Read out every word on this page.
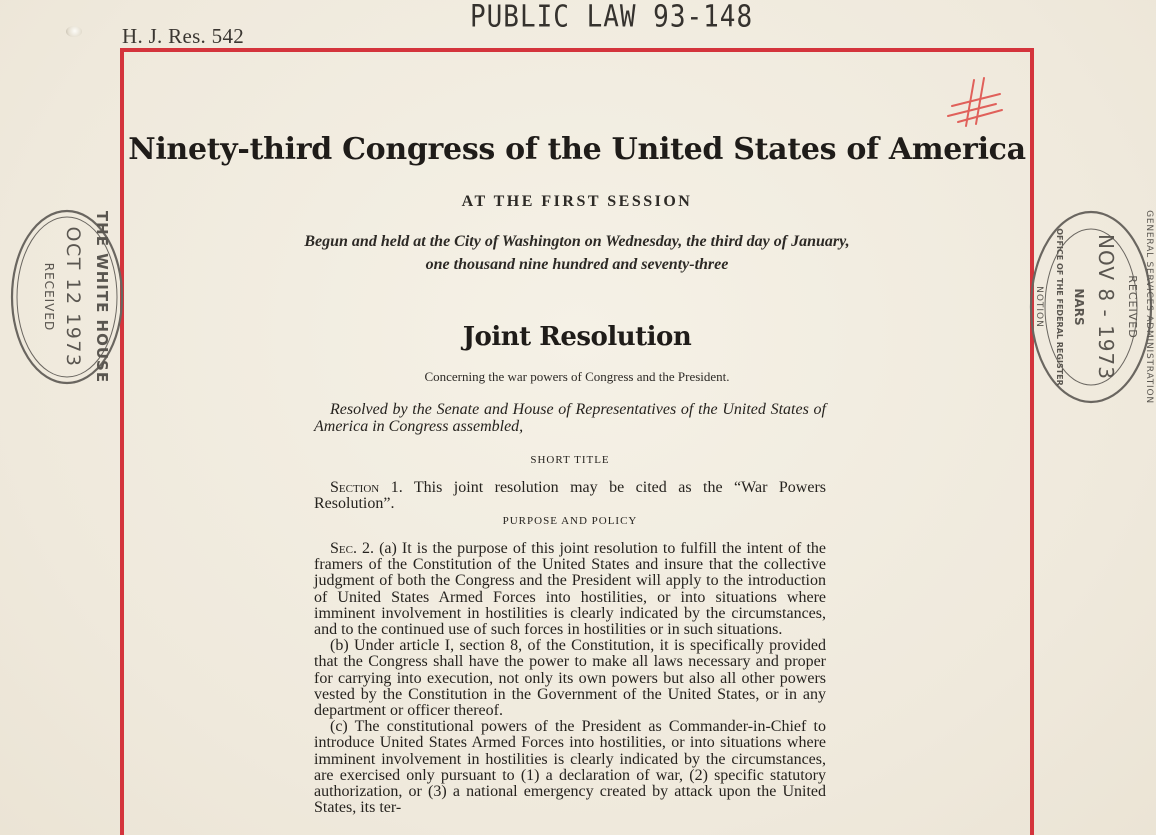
H. J. Res. 542
PUBLIC LAW 93-148
Ninety-third Congress of the United States of America
AT THE FIRST SESSION
Begun and held at the City of Washington on Wednesday, the third day of January,
one thousand nine hundred and seventy-three
Joint Resolution
Concerning the war powers of Congress and the President.
Resolved by the Senate and House of Representatives of the United States of America in Congress assembled,
SHORT TITLE
Section 1. This joint resolution may be cited as the “War Powers Resolution”.
PURPOSE AND POLICY

Sec. 2. (a) It is the purpose of this joint resolution to fulfill the intent of the framers of the Constitution of the United States and insure that the collective judgment of both the Congress and the President will apply to the introduction of United States Armed Forces into hostilities, or into situations where imminent involvement in hostilities is clearly indicated by the circumstances, and to the continued use of such forces in hostilities or in such situations.

(b) Under article I, section 8, of the Constitution, it is specifically provided that the Congress shall have the power to make all laws necessary and proper for carrying into execution, not only its own powers but also all other powers vested by the Constitution in the Government of the United States, or in any department or officer thereof.

(c) The constitutional powers of the President as Commander-in-Chief to introduce United States Armed Forces into hostilities, or into situations where imminent involvement in hostilities is clearly indicated by the circumstances, are exercised only pursuant to (1) a declaration of war, (2) specific statutory authorization, or (3) a national emergency created by attack upon the United States, its ter-

THE WHITE HOUSE
OCT 12 1973
RECEIVED	GENERAL SERVICES ADMINISTRATION
RECEIVED
NOV 8 - 1973
NARS
OFFICE OF THE FEDERAL REGISTER
NOTION
